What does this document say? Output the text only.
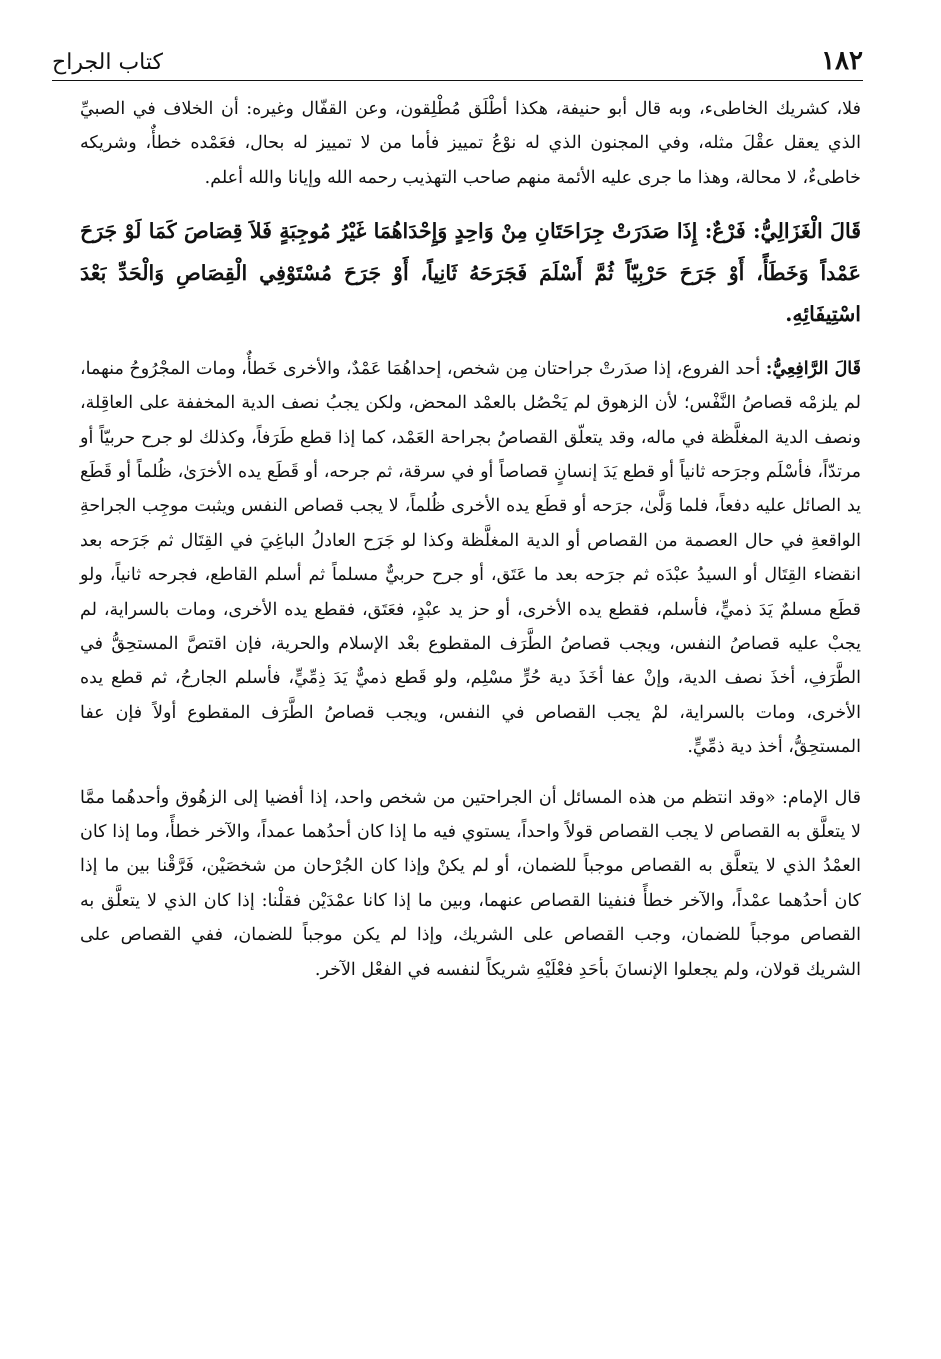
١٨٢
كتاب الجراح

فلا، كشريك الخاطىء، وبه قال أبو حنيفة، هكذا أطْلَق مُطْلِقون، وعن القفّال وغيره: أن الخلاف في الصبيِّ الذي يعقل عقْلَ مثله، وفي المجنون الذي له نوْعُ تمييز فأما من لا تمييز له بحال، فعَمْده خطأٌ، وشريكه خاطىءٌ، لا محالة، وهذا ما جرى عليه الأئمة منهم صاحب التهذيب رحمه الله وإيانا والله أعلم.

قَالَ الْغَزَالِيُّ: فَرْعٌ: إِذَا صَدَرَتْ جِرَاحَتَانِ مِنْ وَاحِدٍ وَإِحْدَاهُمَا غَيْرُ مُوجِبَةٍ فَلاَ قِصَاصَ كَمَا لَوْ جَرَحَ عَمْداً وَخَطَأً، أَوْ جَرَحَ حَرْبِيّاً ثُمَّ أَسْلَمَ فَجَرَحَهُ ثَانِياً، أَوْ جَرَحَ مُسْتَوْفِي الْقِصَاصِ وَالْحَدِّ بَعْدَ اسْتِيفَائِهِ.

قَالَ الرَّافِعِيُّ: أحد الفروع، إذا صدَرتْ جراحتان مِن شخص، إحداهُمَا عَمْدٌ، والأخرى خَطأٌ، ومات المجْرُوحُ منهما، لم يلزمْه قصاصُ النَّفْس؛ لأن الزهوق لم يَحْصُل بالعمْد المحض، ولكن يجبُ نصف الدية المخففة على العاقِلة، ونصف الدية المغلَّظة في ماله، وقد يتعلّق القصاصُ بجراحة العَمْد، كما إذا قطع طَرَفاً، وكذلك لو جرح حربيّاً أو مرتدّاً، فأسْلَم وجرَحه ثانياً أو قطع يَدَ إنسانٍ قصاصاً أو في سرقة، ثم جرحه، أو قَطَع يده الأخرَىٰ، ظُلماً أو قَطَع يد الصائل عليه دفعاً، فلما وَلَّىٰ، جرَحه أو قطَع يده الأخرى ظُلماً، لا يجب قصاص النفس ويثبت موجِب الجراحةِ الواقعةِ في حال العصمة من القصاص أو الدية المغلَّظة وكذا لو جَرَح العادلُ الباغِيَ في القِتَال ثم جَرَحه بعد انقضاء القِتَال أو السيدُ عبْدَه ثم جرَحه بعد ما عَتَق، أو جرح حربيٌّ مسلماً ثم أسلم القاطع، فجرحه ثانياً، ولو قطَع مسلمٌ يَدَ ذميٍّ، فأسلم، فقطع يده الأخرى، أو حز يد عبْدٍ، فعَتَق، فقطع يده الأخرى، ومات بالسراية، لم يجبْ عليه قصاصُ النفس، ويجب قصاصُ الطَّرَف المقطوع بعْد الإسلام والحرية، فإن اقتصَّ المستحِقُّ في الطَّرَفِ، أخذَ نصف الدية، وإنْ عفا أخَذَ دية حُرٍّ مسْلِم، ولو قَطع ذميٌّ يَدَ ذِمِّيٍّ، فأسلم الجارحُ، ثم قطع يده الأخرى، ومات بالسراية، لمْ يجب القصاص في النفس، ويجب قصاصُ الطَّرَف المقطوع أولاً فإن عفا المستحِقُّ، أخذ دية ذمِّيٍّ.

قال الإمام: «وقد انتظم من هذه المسائل أن الجراحتين من شخص واحد، إذا أفضيا إلى الزهُوق وأحدهُما ممَّا لا يتعلَّق به القصاص لا يجب القصاص قولاً واحداً، يستوي فيه ما إذا كان أحدُهما عمداً، والآخر خطأً، وما إذا كان العمْدُ الذي لا يتعلَّق به القصاص موجباً للضمان، أو لم يكنْ وإذا كان الجُرْحان من شخصَيْن، فَرَّقْنا بين ما إذا كان أحدُهما عمْداً، والآخر خطأً فنفينا القصاص عنهما، وبين ما إذا كانا عمْدَيْن فقلْنا: إذا كان الذي لا يتعلَّق به القصاص موجباً للضمان، وجب القصاص على الشريك، وإذا لم يكن موجباً للضمان، ففي القصاص على الشريك قولان، ولم يجعلوا الإنسانَ بأحَدِ فعْلَيْهِ شريكاً لنفسه في الفعْل الآخر.
